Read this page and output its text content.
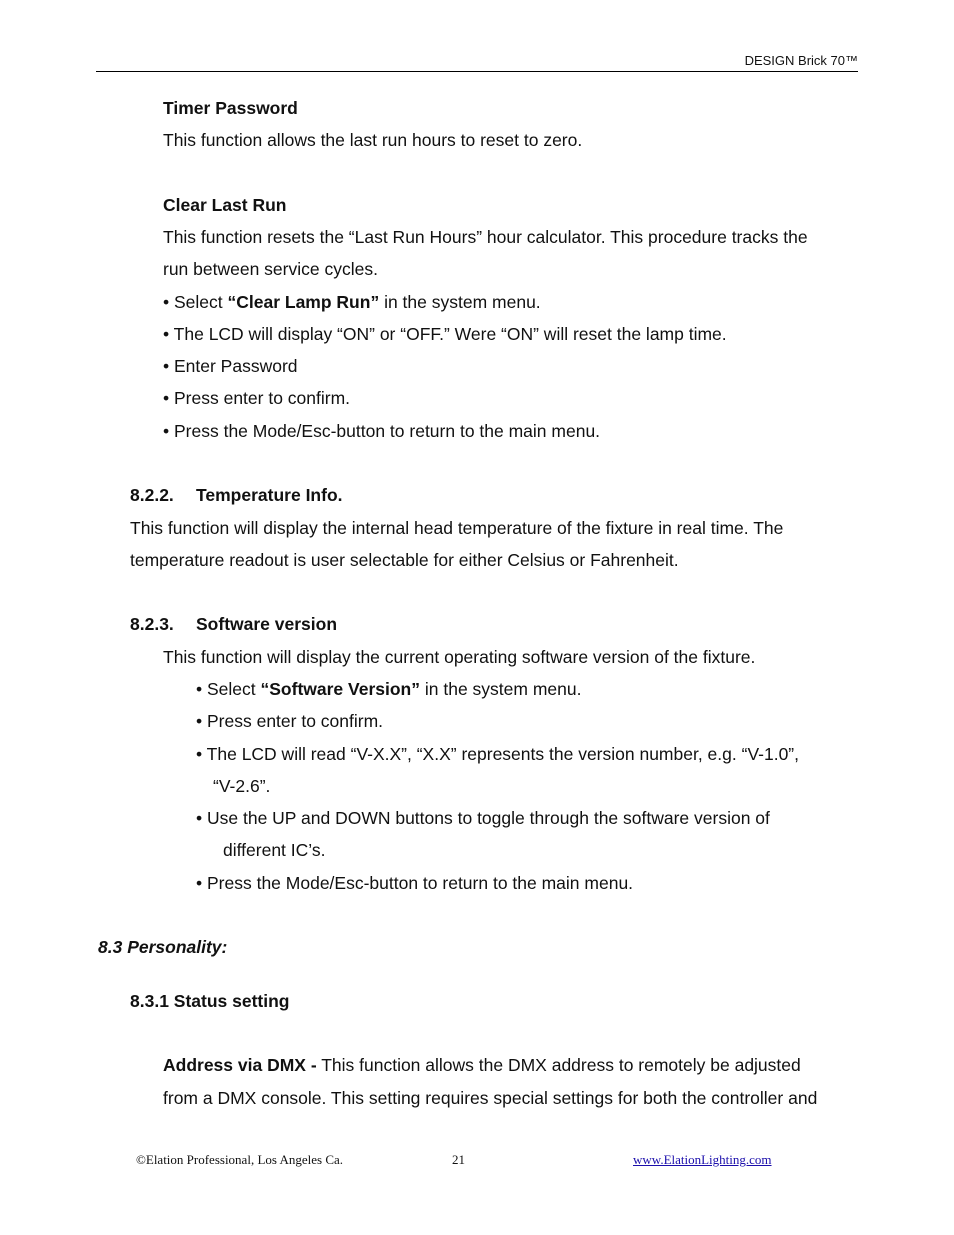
DESIGN Brick 70™
Timer Password
This function allows the last run hours to reset to zero.
Clear Last Run
This function resets the “Last Run Hours” hour calculator. This procedure tracks the
run between service cycles.
• Select “Clear Lamp Run” in the system menu.
• The LCD will display “ON” or “OFF.” Were “ON” will reset the lamp time.
• Enter Password
• Press enter to confirm.
• Press the Mode/Esc-button to return to the main menu.
8.2.2. Temperature Info.
This function will display the internal head temperature of the fixture in real time. The
temperature readout is user selectable for either Celsius or Fahrenheit.
8.2.3. Software version
This function will display the current operating software version of the fixture.
• Select “Software Version” in the system menu.
• Press enter to confirm.
• The LCD will read “V-X.X”, “X.X” represents the version number, e.g. “V-1.0”,
“V-2.6”.
• Use the UP and DOWN buttons to toggle through the software version of
different IC’s.
• Press the Mode/Esc-button to return to the main menu.
8.3 Personality:
8.3.1 Status setting
Address via DMX - This function allows the DMX address to remotely be adjusted
from a DMX console. This setting requires special settings for both the controller and
©Elation Professional, Los Angeles Ca.	21	www.ElationLighting.com
